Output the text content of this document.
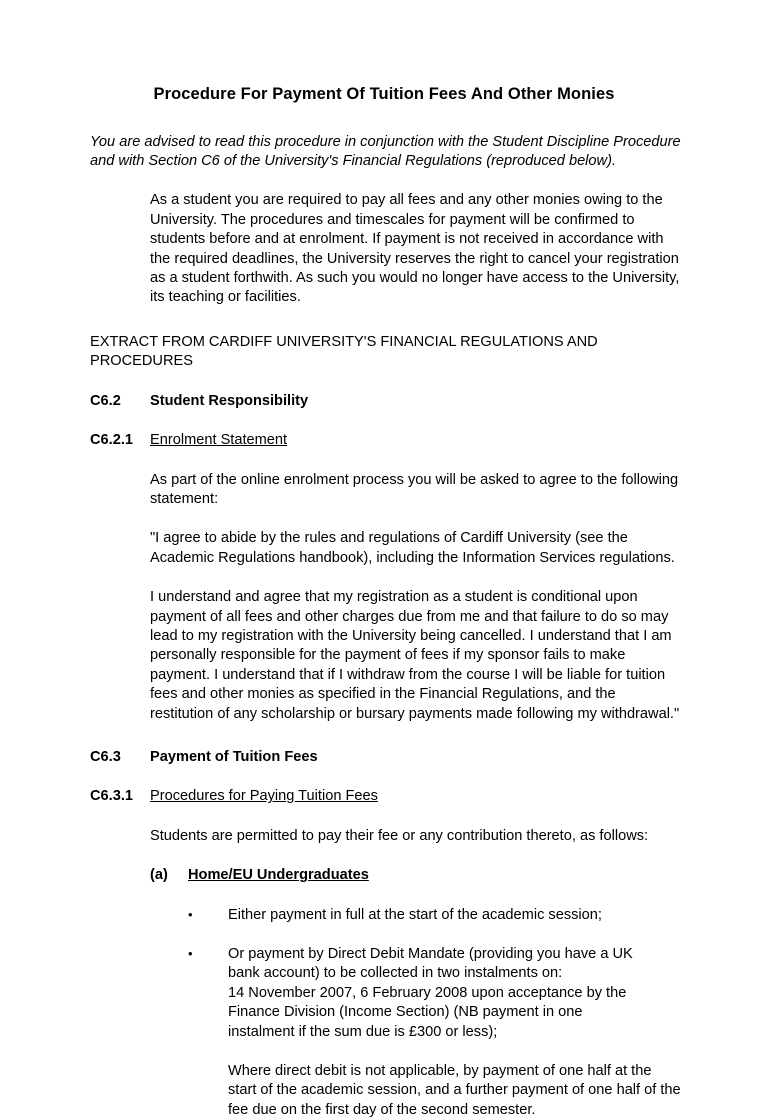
Procedure For Payment Of Tuition Fees And Other Monies

You are advised to read this procedure in conjunction with the Student Discipline Procedure and with Section C6 of the University's Financial Regulations (reproduced below).

As a student you are required to pay all fees and any other monies owing to the University. The procedures and timescales for payment will be confirmed to students before and at enrolment. If payment is not received in accordance with the required deadlines, the University reserves the right to cancel your registration as a student forthwith. As such you would no longer have access to the University, its teaching or facilities.

EXTRACT FROM CARDIFF UNIVERSITY'S FINANCIAL REGULATIONS AND PROCEDURES

C6.2	Student Responsibility
C6.2.1	Enrolment Statement

As part of the online enrolment process you will be asked to agree to the following statement:

"I agree to abide by the rules and regulations of Cardiff University (see the Academic Regulations handbook), including the Information Services regulations.

I understand and agree that my registration as a student is conditional upon payment of all fees and other charges due from me and that failure to do so may lead to my registration with the University being cancelled. I understand that I am personally responsible for the payment of fees if my sponsor fails to make payment. I understand that if I withdraw from the course I will be liable for tuition fees and other monies as specified in the Financial Regulations, and the restitution of any scholarship or bursary payments made following my withdrawal."

C6.3	Payment of Tuition Fees
C6.3.1	Procedures for Paying Tuition Fees

Students are permitted to pay their fee or any contribution thereto, as follows:

(a)	Home/EU Undergraduates
•	Either payment in full at the start of the academic session;
•	Or payment by Direct Debit Mandate (providing you have a UK
bank account) to be collected in two instalments on:
14 November 2007, 6 February 2008 upon acceptance by the
Finance Division (Income Section) (NB payment in one
instalment if the sum due is £300 or less);

Where direct debit is not applicable, by payment of one half at the start of the academic session, and a further payment of one half of the fee due on the first day of the second semester.
